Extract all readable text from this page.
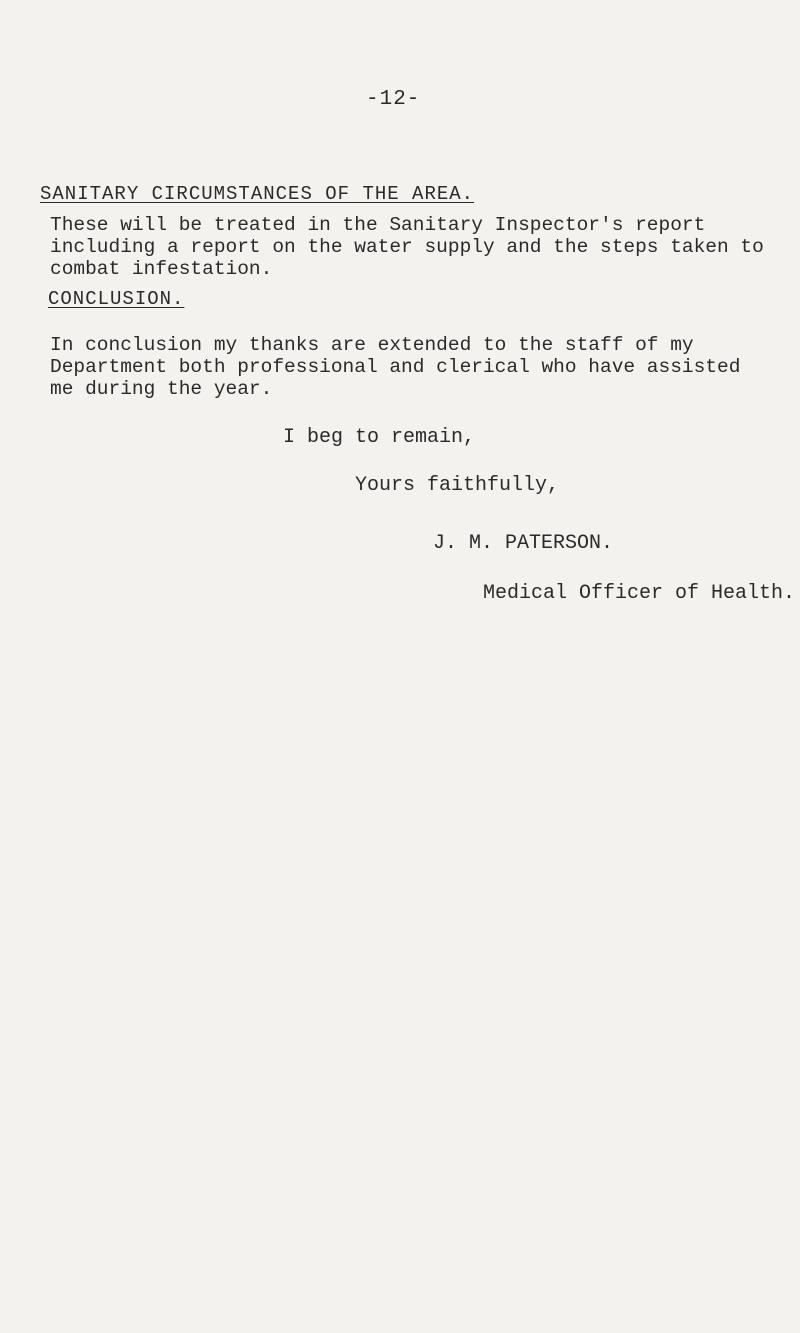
-12-
SANITARY CIRCUMSTANCES OF THE AREA.
These will be treated in the Sanitary Inspector's report
including a report on the water supply and the steps taken to
combat infestation.
CONCLUSION.
In conclusion my thanks are extended to the staff of my
Department both professional and clerical who have assisted
me during the year.
I beg to remain,
Yours faithfully,
J. M. PATERSON.
Medical Officer of Health.
